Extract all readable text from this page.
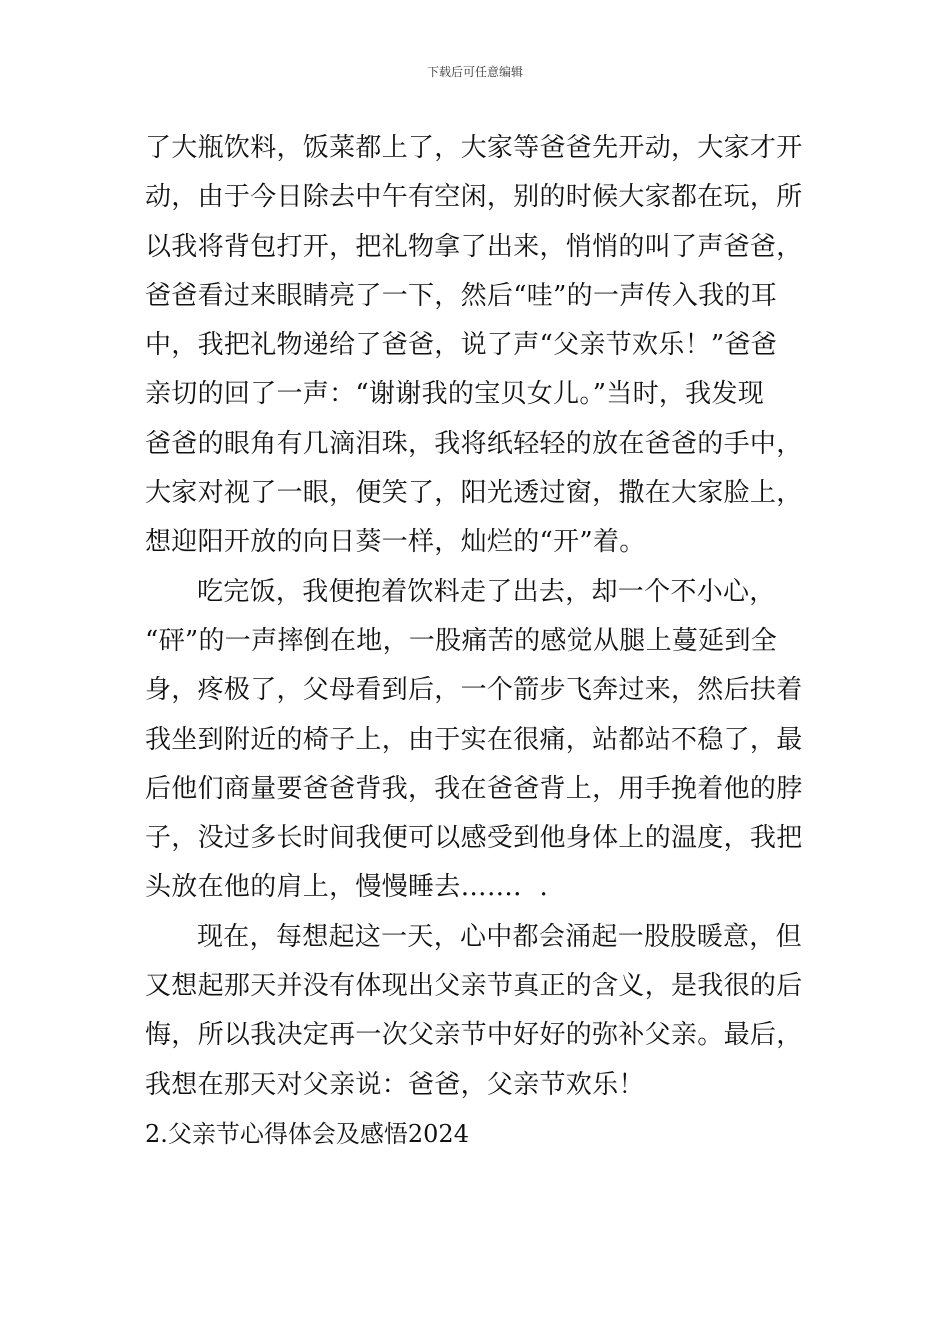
下载后可任意编辑
了大瓶饮料，饭菜都上了，大家等爸爸先开动，大家才开
动，由于今日除去中午有空闲，别的时候大家都在玩，所
以我将背包打开，把礼物拿了出来，悄悄的叫了声爸爸，
爸爸看过来眼睛亮了一下，然后“哇”的一声传入我的耳
中，我把礼物递给了爸爸，说了声“父亲节欢乐！”爸爸
亲切的回了一声：“谢谢我的宝贝女儿。”当时，我发现
爸爸的眼角有几滴泪珠，我将纸轻轻的放在爸爸的手中，
大家对视了一眼，便笑了，阳光透过窗，撒在大家脸上，
想迎阳开放的向日葵一样，灿烂的“开”着。
吃完饭，我便抱着饮料走了出去，却一个不小心，
“砰”的一声摔倒在地，一股痛苦的感觉从腿上蔓延到全
身，疼极了，父母看到后，一个箭步飞奔过来，然后扶着
我坐到附近的椅子上，由于实在很痛，站都站不稳了，最
后他们商量要爸爸背我，我在爸爸背上，用手挽着他的脖
子，没过多长时间我便可以感受到他身体上的温度，我把
头放在他的肩上，慢慢睡去……．.
现在，每想起这一天，心中都会涌起一股股暖意，但
又想起那天并没有体现出父亲节真正的含义，是我很的后
悔，所以我决定再一次父亲节中好好的弥补父亲。最后，
我想在那天对父亲说：爸爸，父亲节欢乐！
2.父亲节心得体会及感悟2024
